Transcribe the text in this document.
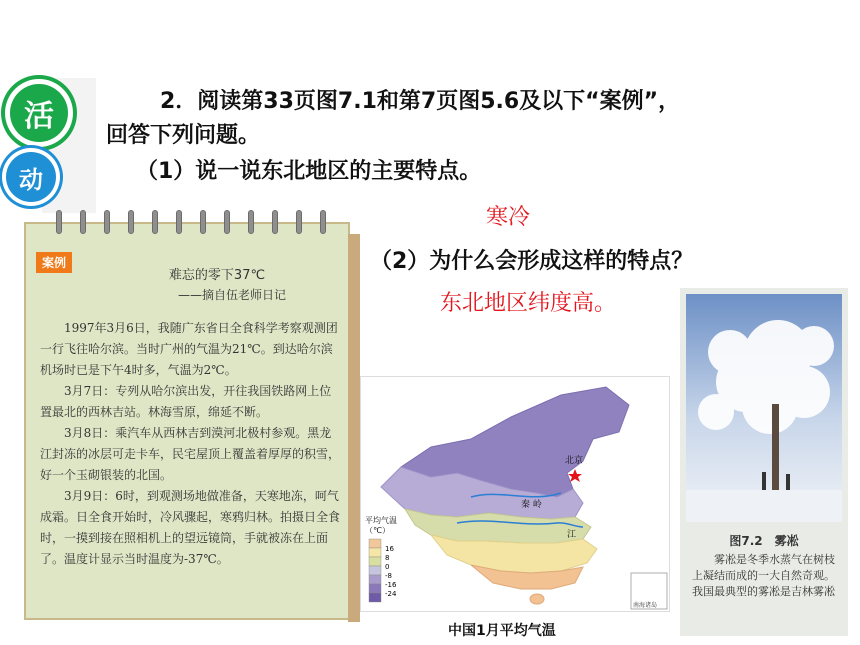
活
动
2．阅读第33页图7.1和第7页图5.6及以下“案例”，
回答下列问题。
（1）说一说东北地区的主要特点。
寒冷
（2）为什么会形成这样的特点？
东北地区纬度高。
案例
难忘的零下37℃
——摘自伍老师日记

1997年3月6日，我随广东省日全食科学考察观测团一行飞往哈尔滨。当时广州的气温为21℃。到达哈尔滨机场时已是下午4时多，气温为2℃。

3月7日：专列从哈尔滨出发，开往我国铁路网上位置最北的西林吉站。林海雪原，绵延不断。

3月8日：乘汽车从西林吉到漠河北极村参观。黑龙江封冻的冰层可走卡车，民宅屋顶上覆盖着厚厚的积雪，好一个玉砌银装的北国。

3月9日：6时，到观测场地做准备，天寒地冻，呵气成霜。日全食开始时，冷风骤起，寒鸦归林。拍摄日全食时，一摸到接在照相机上的望远镜筒，手就被冻在上面了。温度计显示当时温度为-37℃。

北京
秦 岭
江
平均气温
（℃）
16
8
0
-8
-16
-24
南海诸岛
中国1月平均气温
图7.2　雾凇
雾凇是冬季水蒸气在树枝上凝结而成的一大自然奇观。我国最典型的雾凇是吉林雾凇
